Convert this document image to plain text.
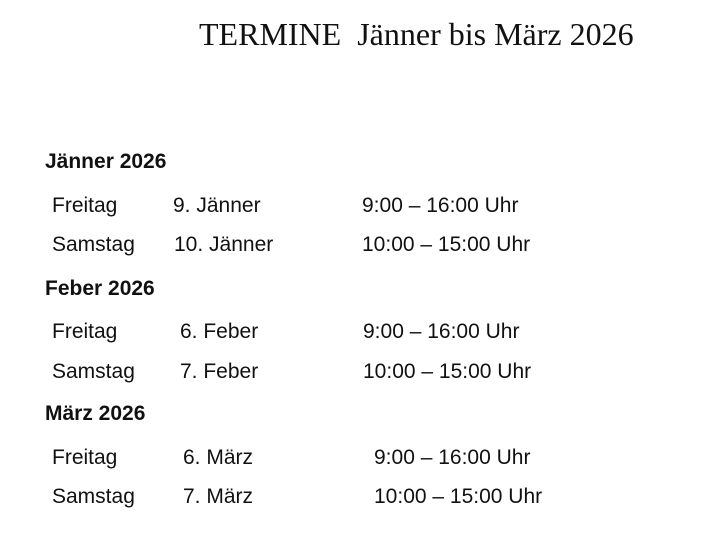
TERMINE  Jänner bis März 2026
Jänner 2026
Freitag	9. Jänner	9:00 – 16:00 Uhr
Samstag 10. Jänner	10:00 – 15:00 Uhr
Feber 2026
Freitag	6. Feber	9:00 – 16:00 Uhr
Samstag 7. Feber	10:00 – 15:00 Uhr
März 2026
Freitag	6. März	9:00 – 16:00 Uhr
Samstag 7. März	10:00 – 15:00 Uhr
